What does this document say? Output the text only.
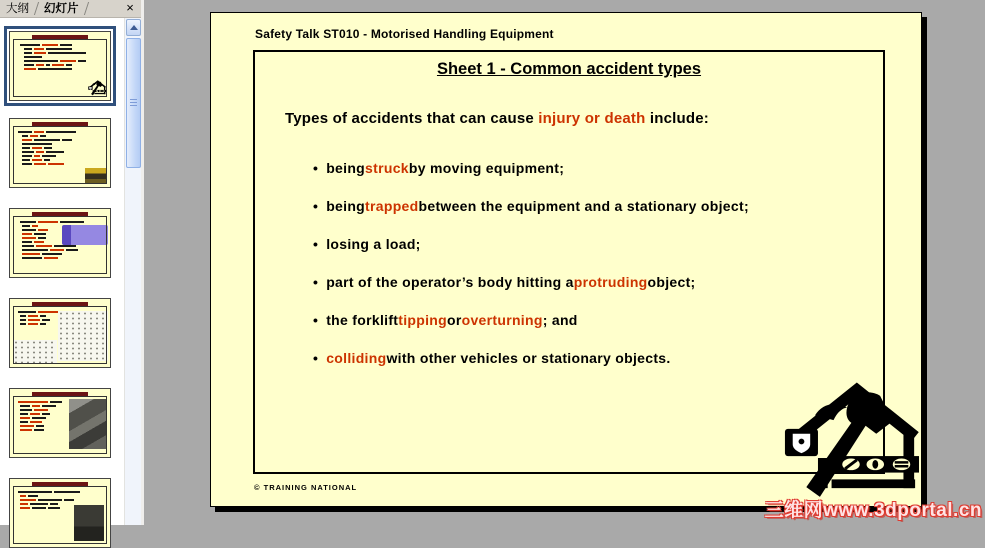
大纲	幻灯片	×
Safety Talk ST010 - Motorised Handling Equipment
Sheet 1 - Common accident types
Types of accidents that can cause injury or death include:
• being struck by moving equipment;
• being trapped between the equipment and a stationary object;
• losing a load;
• part of the operator’s body hitting a protruding object;
• the forklift tipping or overturning ; and
• colliding with other vehicles or stationary objects.
© TRAINING NATIONAL
三维网www.3dportal.cn
